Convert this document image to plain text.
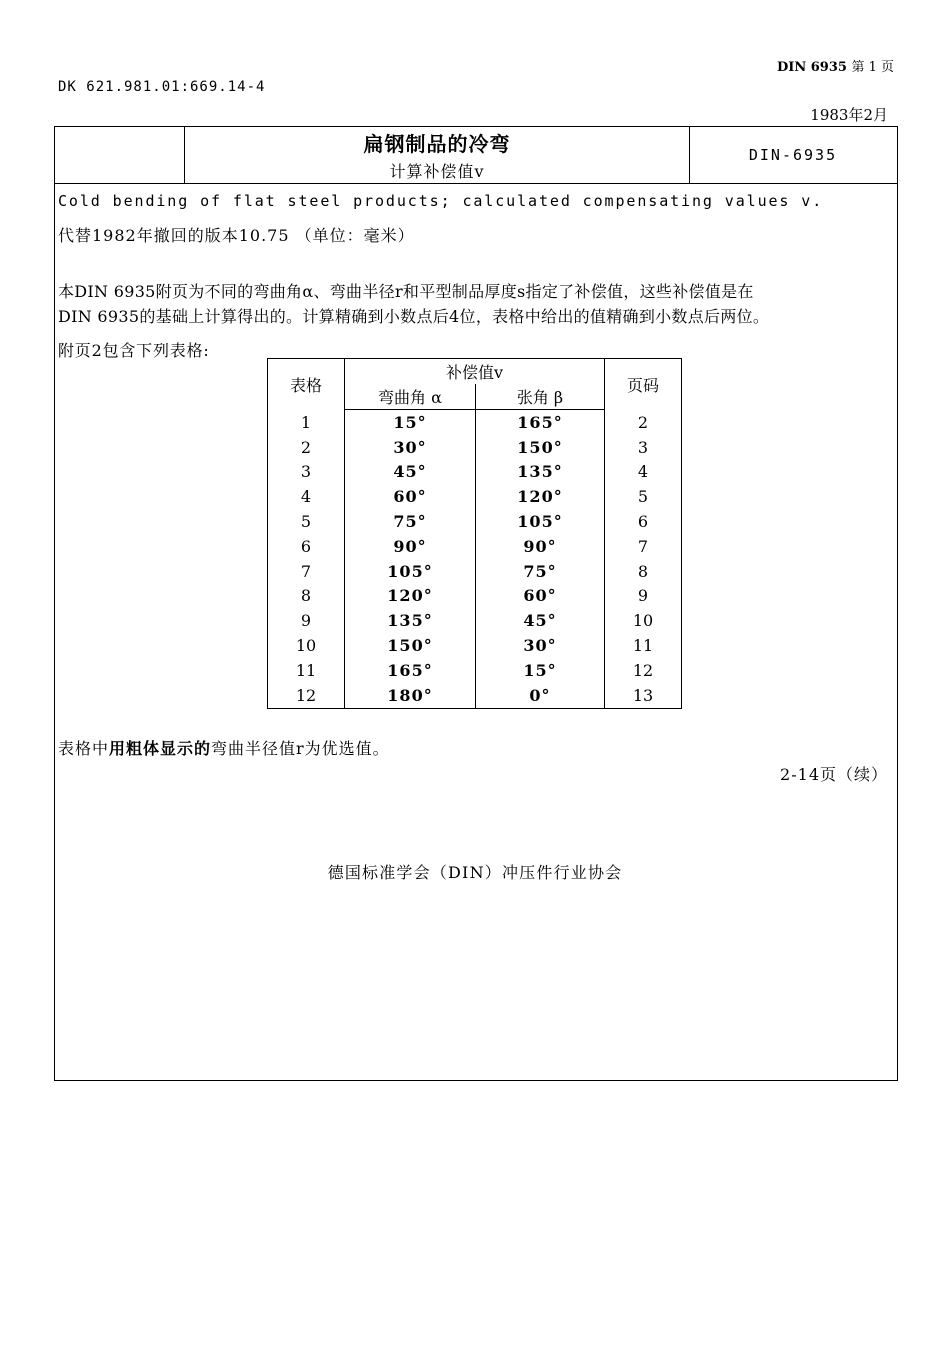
DIN 6935 第 1 页
DK 621.981.01:669.14-4
1983年2月
扁钢制品的冷弯
计算补偿值v
DIN-6935
Cold bending of flat steel products; calculated compensating values v.
代替1982年撤回的版本10.75 （单位：毫米）
本DIN 6935附页为不同的弯曲角α、弯曲半径r和平型制品厚度s指定了补偿值，这些补偿值是在
DIN 6935的基础上计算得出的。计算精确到小数点后4位，表格中给出的值精确到小数点后两位。
附页2包含下列表格:
表格	补偿值v		页码
	弯曲角 α	张角 β	
1	15°	165°	2
2	30°	150°	3
3	45°	135°	4
4	60°	120°	5
5	75°	105°	6
6	90°	90°	7
7	105°	75°	8
8	120°	60°	9
9	135°	45°	10
10	150°	30°	11
11	165°	15°	12
12	180°	0°	13
表格中用粗体显示的弯曲半径值r为优选值。
2-14页（续）
德国标准学会（DIN）冲压件行业协会
